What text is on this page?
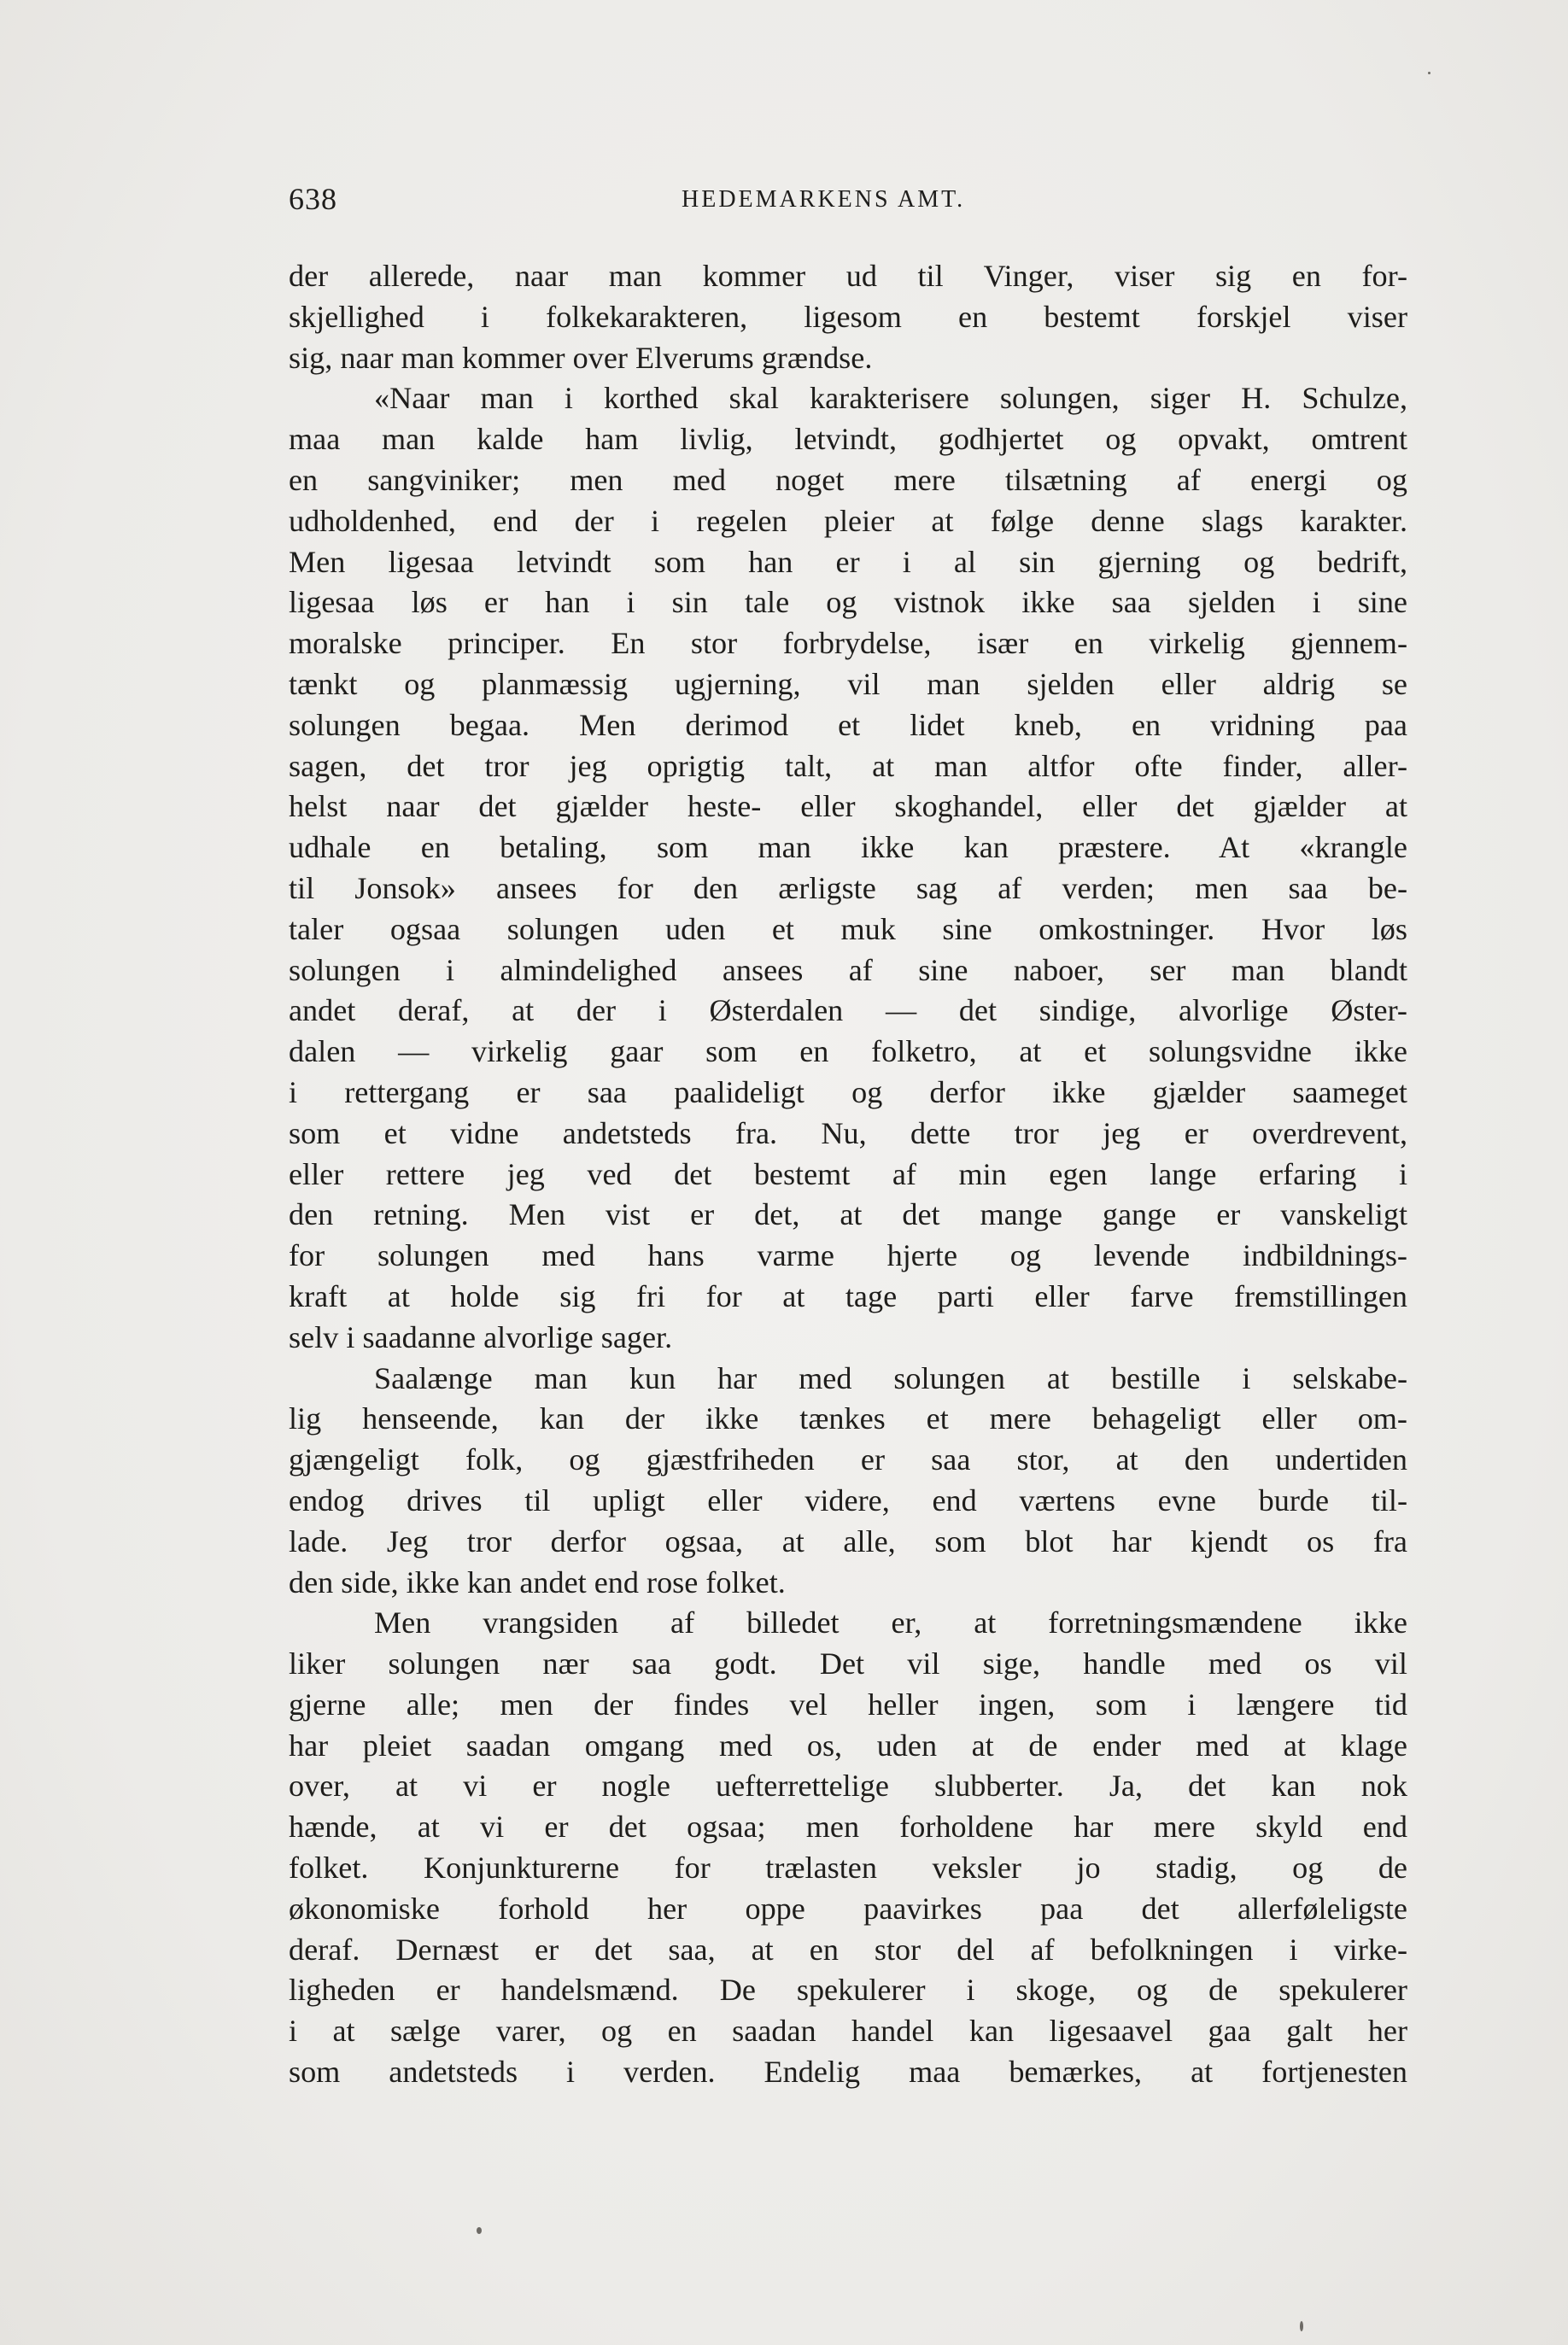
638	HEDEMARKENS AMT.
der allerede, naar man kommer ud til Vinger, viser sig en for-
skjellighed i folkekarakteren, ligesom en bestemt forskjel viser
sig, naar man kommer over Elverums grændse.
«Naar man i korthed skal karakterisere solungen, siger H. Schulze,
maa man kalde ham livlig, letvindt, godhjertet og opvakt, omtrent
en sangviniker; men med noget mere tilsætning af energi og
udholdenhed, end der i regelen pleier at følge denne slags karakter.
Men ligesaa letvindt som han er i al sin gjerning og bedrift,
ligesaa løs er han i sin tale og vistnok ikke saa sjelden i sine
moralske principer. En stor forbrydelse, især en virkelig gjennem-
tænkt og planmæssig ugjerning, vil man sjelden eller aldrig se
solungen begaa. Men derimod et lidet kneb, en vridning paa
sagen, det tror jeg oprigtig talt, at man altfor ofte finder, aller-
helst naar det gjælder heste- eller skoghandel, eller det gjælder at
udhale en betaling, som man ikke kan præstere. At «krangle
til Jonsok» ansees for den ærligste sag af verden; men saa be-
taler ogsaa solungen uden et muk sine omkostninger. Hvor løs
solungen i almindelighed ansees af sine naboer, ser man blandt
andet deraf, at der i Østerdalen — det sindige, alvorlige Øster-
dalen — virkelig gaar som en folketro, at et solungsvidne ikke
i rettergang er saa paalideligt og derfor ikke gjælder saameget
som et vidne andetsteds fra. Nu, dette tror jeg er overdrevent,
eller rettere jeg ved det bestemt af min egen lange erfaring i
den retning. Men vist er det, at det mange gange er vanskeligt
for solungen med hans varme hjerte og levende indbildnings-
kraft at holde sig fri for at tage parti eller farve fremstillingen
selv i saadanne alvorlige sager.
Saalænge man kun har med solungen at bestille i selskabe-
lig henseende, kan der ikke tænkes et mere behageligt eller om-
gjængeligt folk, og gjæstfriheden er saa stor, at den undertiden
endog drives til upligt eller videre, end værtens evne burde til-
lade. Jeg tror derfor ogsaa, at alle, som blot har kjendt os fra
den side, ikke kan andet end rose folket.
Men vrangsiden af billedet er, at forretningsmændene ikke
liker solungen nær saa godt. Det vil sige, handle med os vil
gjerne alle; men der findes vel heller ingen, som i længere tid
har pleiet saadan omgang med os, uden at de ender med at klage
over, at vi er nogle uefterrettelige slubberter. Ja, det kan nok
hænde, at vi er det ogsaa; men forholdene har mere skyld end
folket. Konjunkturerne for trælasten veksler jo stadig, og de
økonomiske forhold her oppe paavirkes paa det allerføleligste
deraf. Dernæst er det saa, at en stor del af befolkningen i virke-
ligheden er handelsmænd. De spekulerer i skoge, og de spekulerer
i at sælge varer, og en saadan handel kan ligesaavel gaa galt her
som andetsteds i verden. Endelig maa bemærkes, at fortjenesten
